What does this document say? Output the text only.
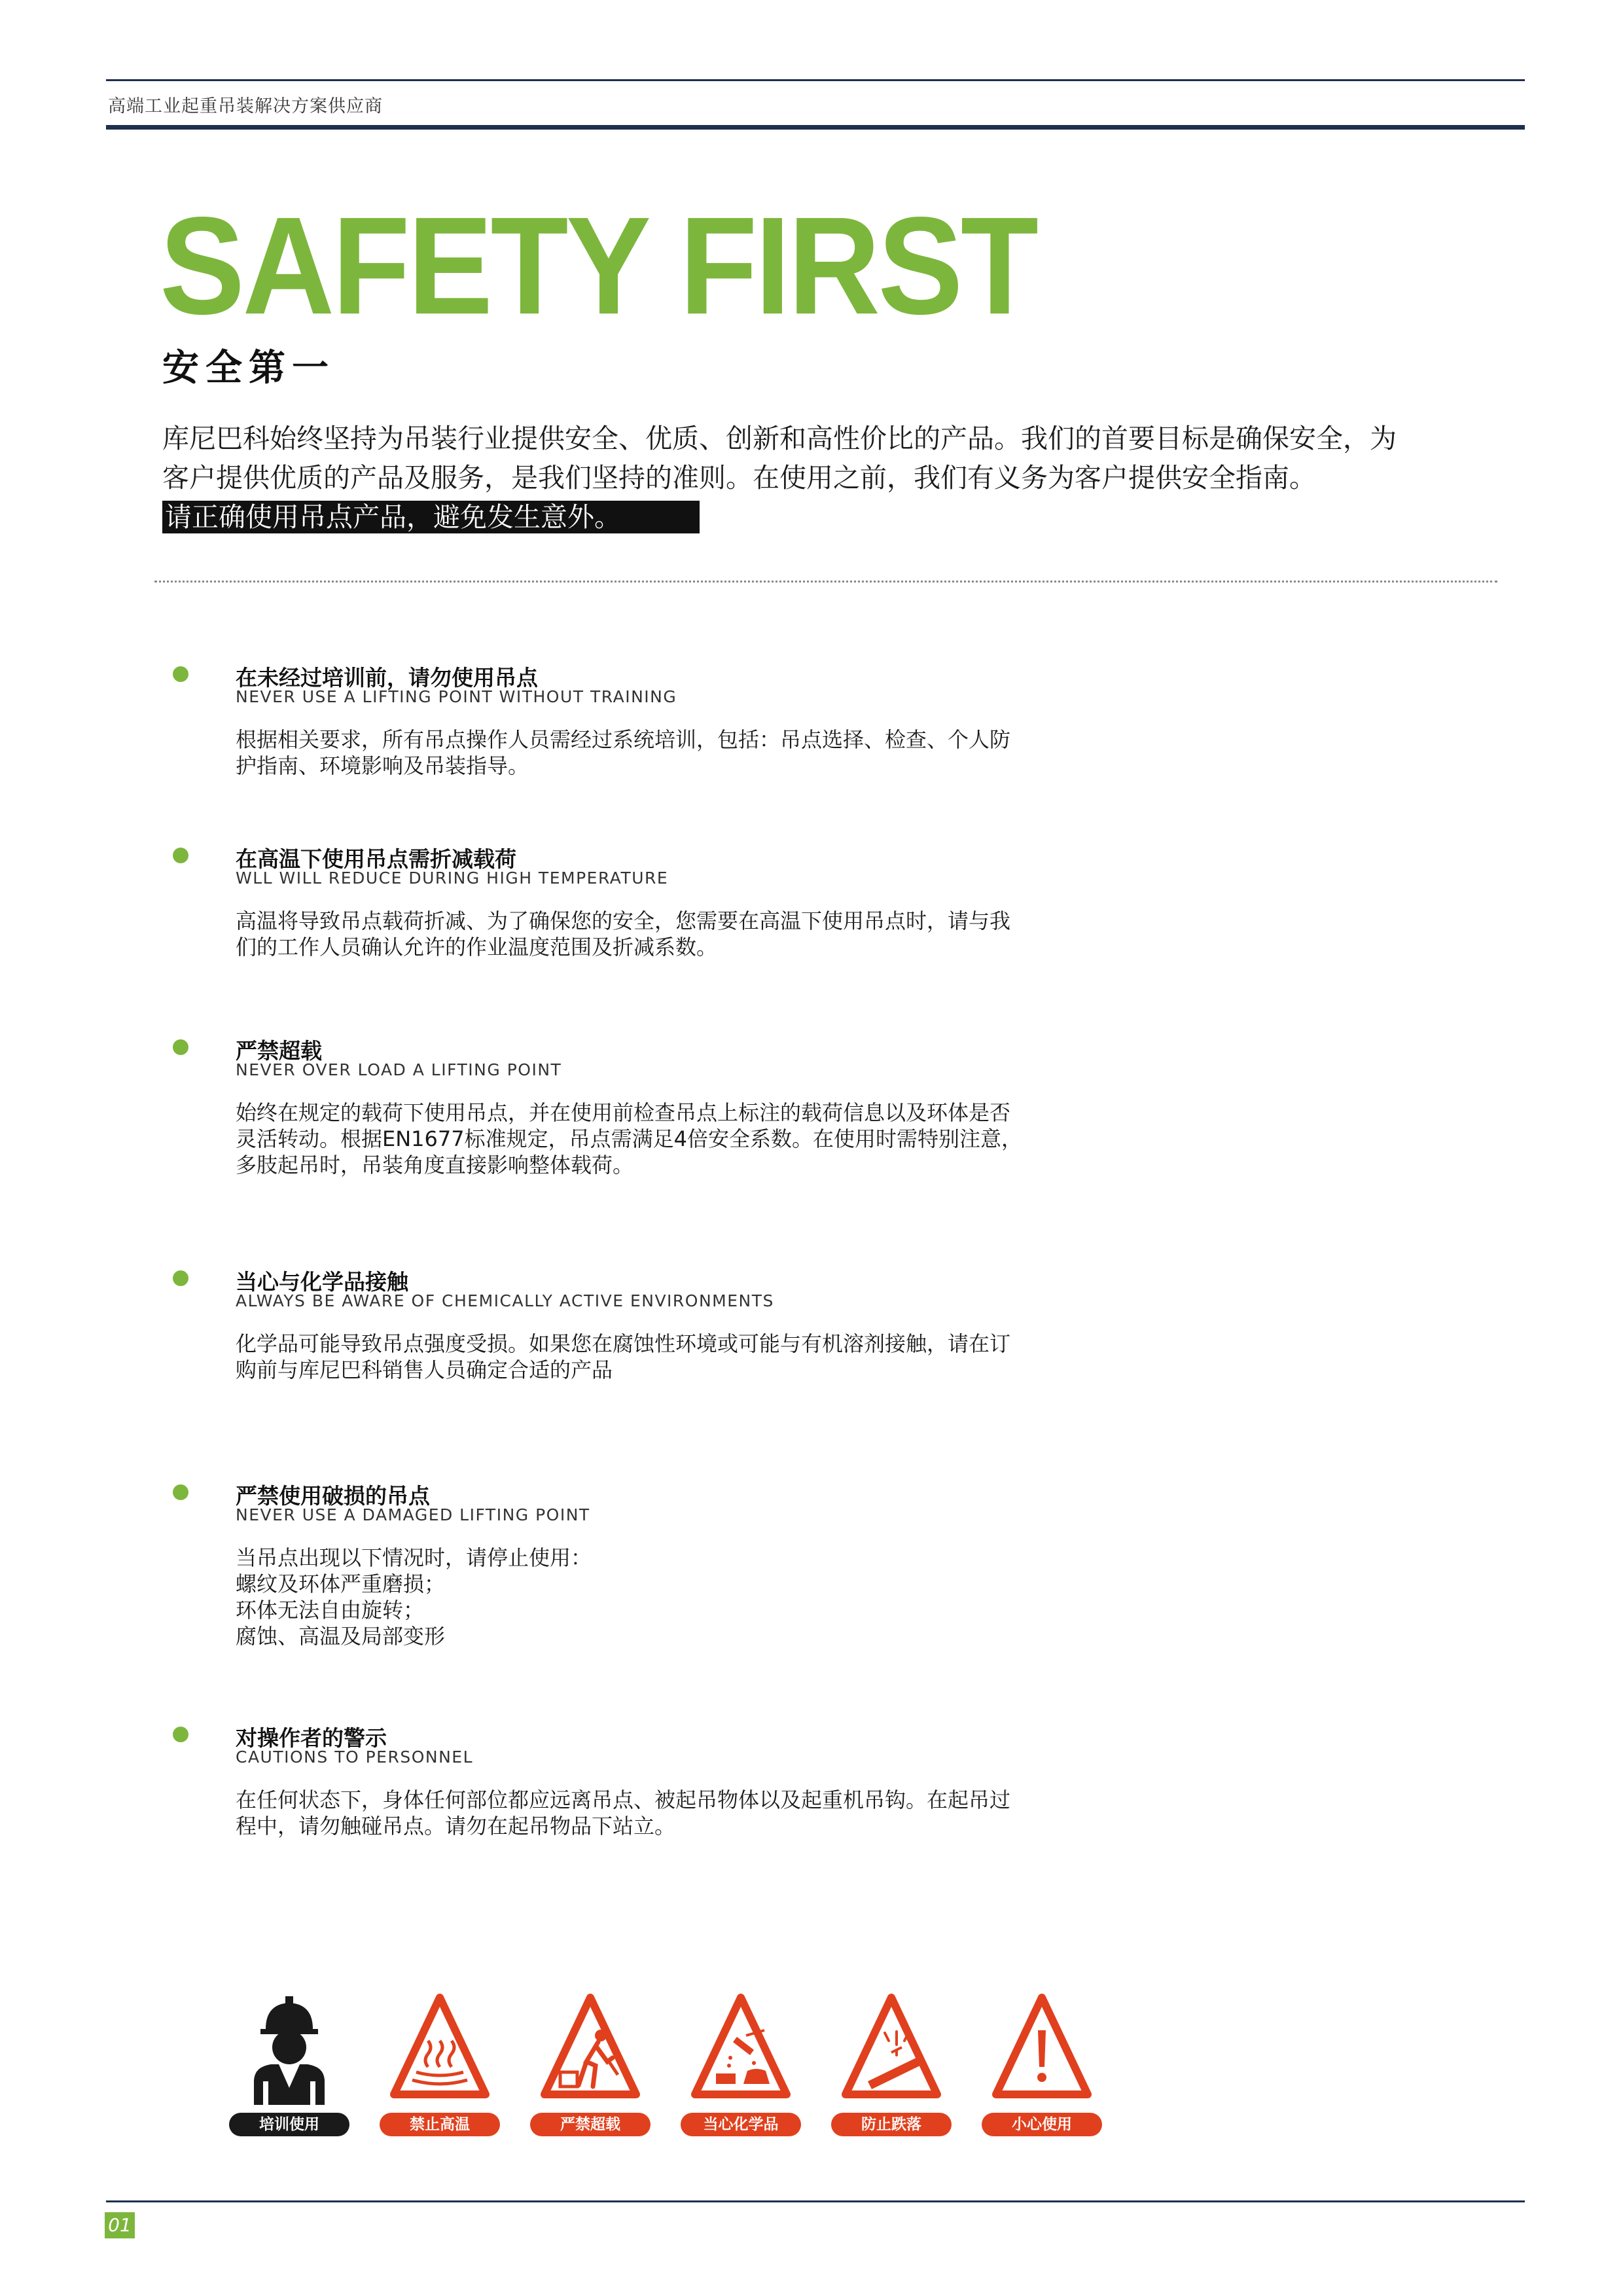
高端工业起重吊装解决方案供应商
SAFETY FIRST
安全第一
库尼巴科始终坚持为吊装行业提供安全、优质、创新和高性价比的产品。我们的首要目标是确保安全，为
客户提供优质的产品及服务，是我们坚持的准则。在使用之前，我们有义务为客户提供安全指南。
请正确使用吊点产品，避免发生意外。
在未经过培训前，请勿使用吊点
NEVER USE A LIFTING POINT WITHOUT TRAINING
根据相关要求，所有吊点操作人员需经过系统培训，包括：吊点选择、检查、个人防
护指南、环境影响及吊装指导。
在高温下使用吊点需折减载荷
WLL WILL REDUCE DURING HIGH TEMPERATURE
高温将导致吊点载荷折减、为了确保您的安全，您需要在高温下使用吊点时，请与我
们的工作人员确认允许的作业温度范围及折减系数。
严禁超载
NEVER OVER LOAD A LIFTING POINT
始终在规定的载荷下使用吊点，并在使用前检查吊点上标注的载荷信息以及环体是否
灵活转动。根据EN1677标准规定，吊点需满足4倍安全系数。在使用时需特别注意，
多肢起吊时，吊装角度直接影响整体载荷。
当心与化学品接触
ALWAYS BE AWARE OF CHEMICALLY ACTIVE ENVIRONMENTS
化学品可能导致吊点强度受损。如果您在腐蚀性环境或可能与有机溶剂接触，请在订
购前与库尼巴科销售人员确定合适的产品
严禁使用破损的吊点
NEVER USE A DAMAGED LIFTING POINT
当吊点出现以下情况时，请停止使用：
螺纹及环体严重磨损；
环体无法自由旋转；
腐蚀、高温及局部变形
对操作者的警示
CAUTIONS TO PERSONNEL
在任何状态下，身体任何部位都应远离吊点、被起吊物体以及起重机吊钩。在起吊过
程中，请勿触碰吊点。请勿在起吊物品下站立。
培训使用	禁止高温	严禁超载	当心化学品	防止跌落	小心使用
01
